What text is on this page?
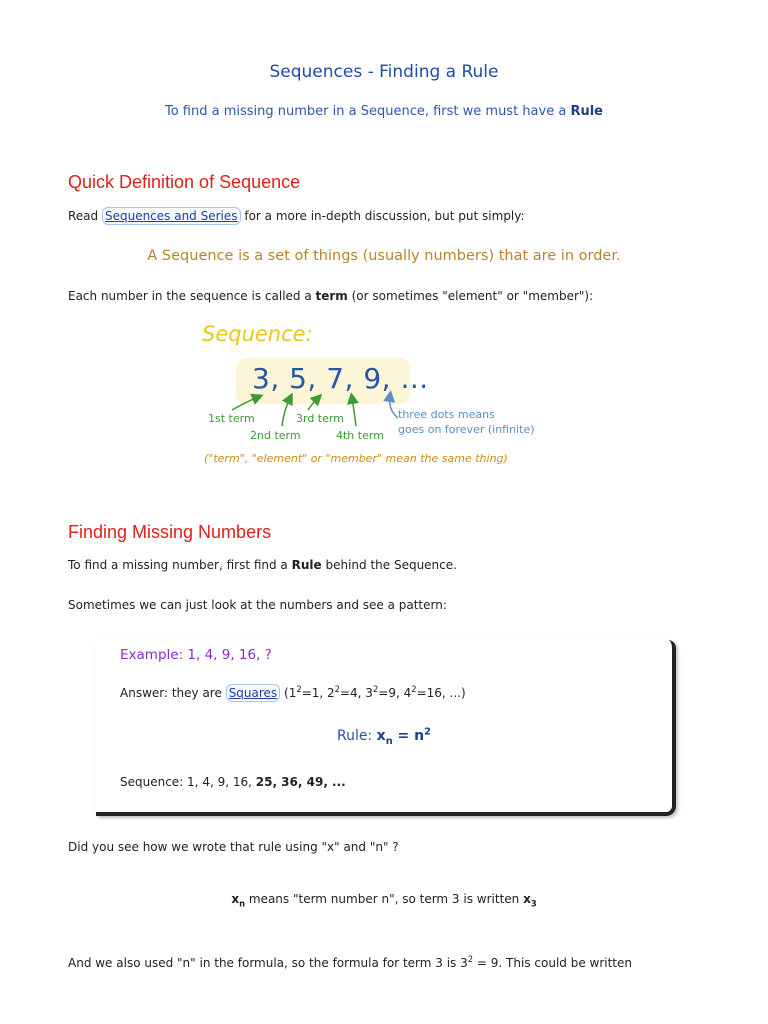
Sequences - Finding a Rule
To find a missing number in a Sequence, first we must have a Rule
Quick Definition of Sequence
Read Sequences and Series for a more in-depth discussion, but put simply:
A Sequence is a set of things (usually numbers) that are in order.
Each number in the sequence is called a term (or sometimes "element" or "member"):
Sequence:
3, 5, 7, 9, ...
1st term
2nd term
3rd term
4th term
three dots means
goes on forever (infinite)
("term", "element" or "member" mean the same thing)
Finding Missing Numbers
To find a missing number, first find a Rule behind the Sequence.
Sometimes we can just look at the numbers and see a pattern:
Example: 1, 4, 9, 16, ?
Answer: they are Squares ($1^2=1$, $2^2=4$, $3^2=9$, $4^2=16$, ...)
Rule: $x_n = n^2$
Sequence: 1, 4, 9, 16, 25, 36, 49, ...
Did you see how we wrote that rule using "x" and "n" ?
$x_n$ means "term number n", so term 3 is written $x_3$
And we also used "n" in the formula, so the formula for term 3 is $3^2 = 9$. This could be written
